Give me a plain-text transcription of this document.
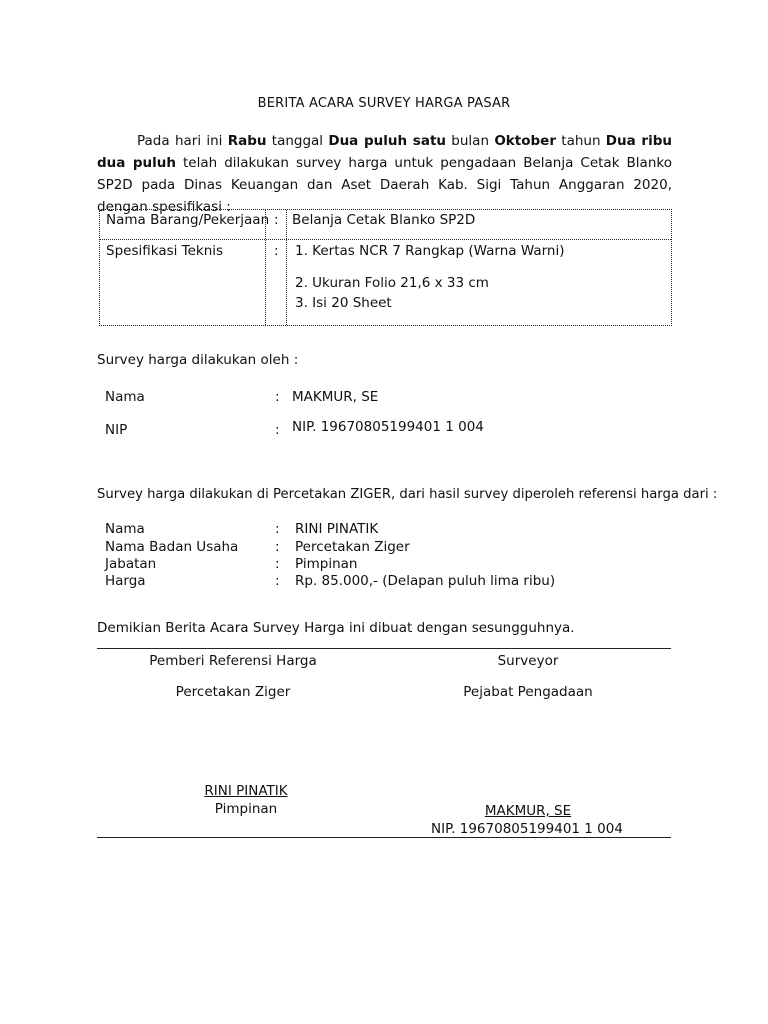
BERITA ACARA SURVEY HARGA PASAR
Pada hari ini Rabu tanggal Dua puluh satu bulan Oktober tahun Dua ribu dua puluh telah dilakukan survey harga untuk pengadaan Belanja Cetak Blanko SP2D pada Dinas Keuangan dan Aset Daerah Kab. Sigi Tahun Anggaran 2020, dengan spesifikasi :
Nama Barang/Pekerjaan : Belanja Cetak Blanko SP2D
Spesifikasi Teknis	: 1. Kertas NCR 7 Rangkap (Warna Warni)
2. Ukuran Folio 21,6 x 33 cm
3. Isi 20 Sheet
Survey harga dilakukan oleh :
Nama	: MAKMUR, SE
NIP	: NIP. 19670805199401 1 004
Survey harga dilakukan di Percetakan ZIGER, dari hasil survey diperoleh referensi harga dari :
Nama	: RINI PINATIK
Nama Badan Usaha	: Percetakan Ziger
Jabatan	: Pimpinan
Harga	: Rp. 85.000,- (Delapan puluh lima ribu)
Demikian Berita Acara Survey Harga ini dibuat dengan sesungguhnya.
Pemberi Referensi Harga	Surveyor
Percetakan Ziger	Pejabat Pengadaan
RINI PINATIK
Pimpinan	MAKMUR, SE
NIP. 19670805199401 1 004
